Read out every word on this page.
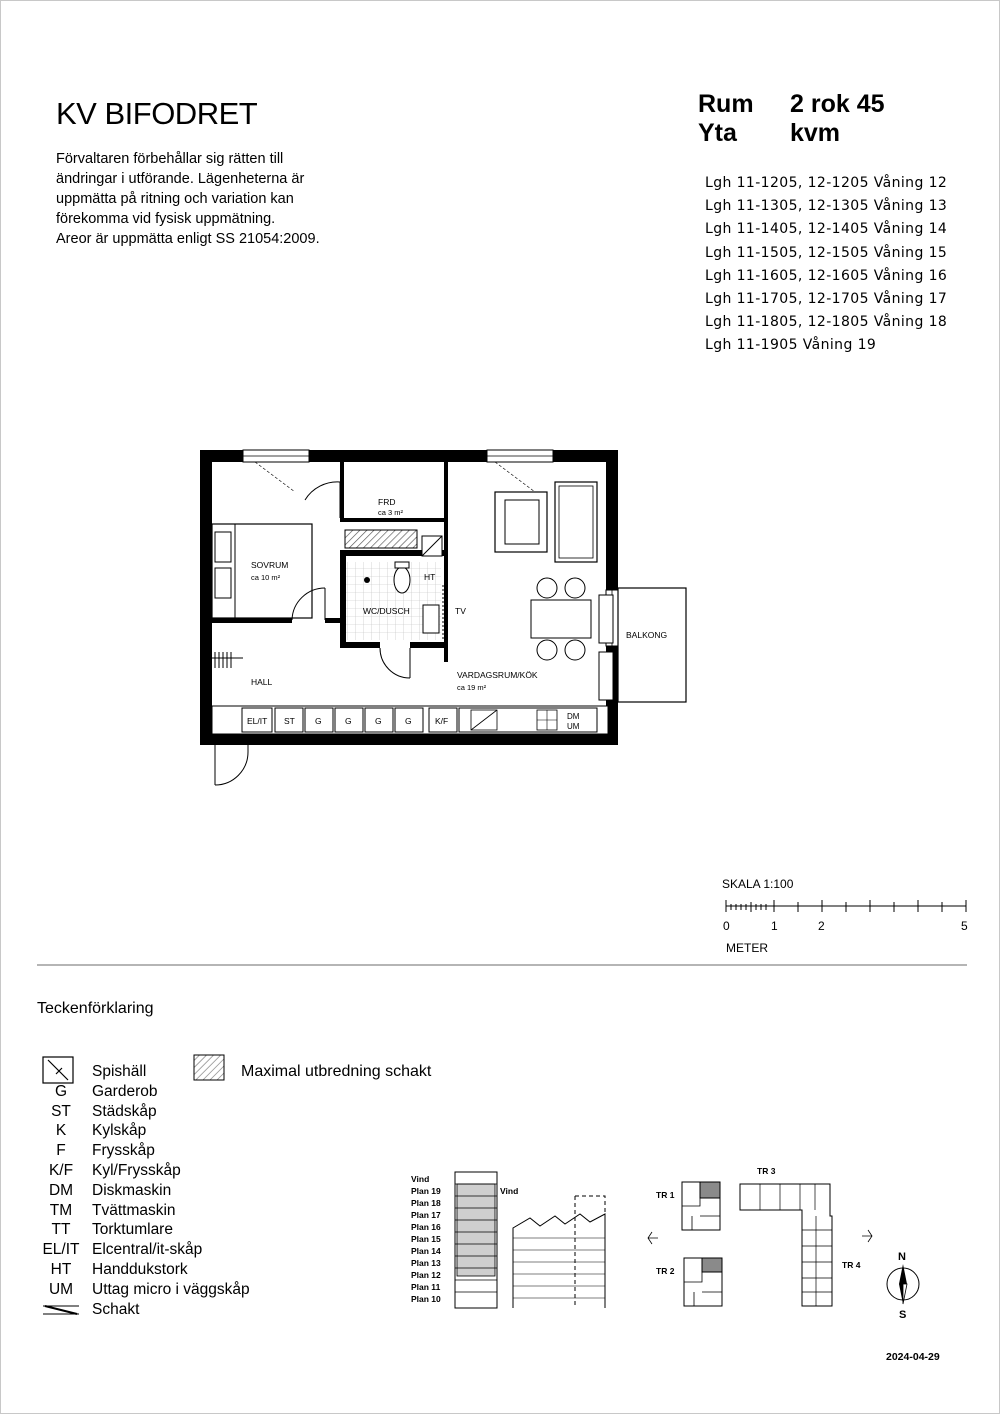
KV BIFODRET
Förvaltaren förbehållar sig rätten till
ändringar i utförande. Lägenheterna är
uppmätta på ritning och variation kan
förekomma vid fysisk uppmätning.
Areor är uppmätta enligt SS 21054:2009.
Rum 2 rok 45
Yta kvm
Lgh 11-1205, 12-1205 Våning 12
Lgh 11-1305, 12-1305 Våning 13
Lgh 11-1405, 12-1405 Våning 14
Lgh 11-1505, 12-1505 Våning 15
Lgh 11-1605, 12-1605 Våning 16
Lgh 11-1705, 12-1705 Våning 17
Lgh 11-1805, 12-1805 Våning 18
Lgh 11-1905 Våning 19
FRD
ca 3 m²
SOVRUM
ca 10 m²
WC/DUSCH
HT
TV
BALKONG
HALL
VARDAGSRUM/KÖK
ca 19 m²
EL/IT ST G	G	G	G	K/F	DM
UM
SKALA 1:100
0	1	2	5
METER
Teckenförklaring
Spishäll
G	Garderob
ST	Städskåp
K	Kylskåp
F	Frysskåp
K/F	Kyl/Frysskåp
DM	Diskmaskin
TM	Tvättmaskin
TT	Torktumlare
EL/IT Elcentral/it-skåp
HT	Handdukstork
UM	Uttag micro i väggskåp
Schakt
Maximal utbredning schakt
Vind
Plan 19
Plan 18
Plan 17
Plan 16
Plan 15
Plan 14
Plan 13
Plan 12
Plan 11
Plan 10
Vind	TR 1
TR 2
TR 3
TR 4
N
S
2024-04-29
